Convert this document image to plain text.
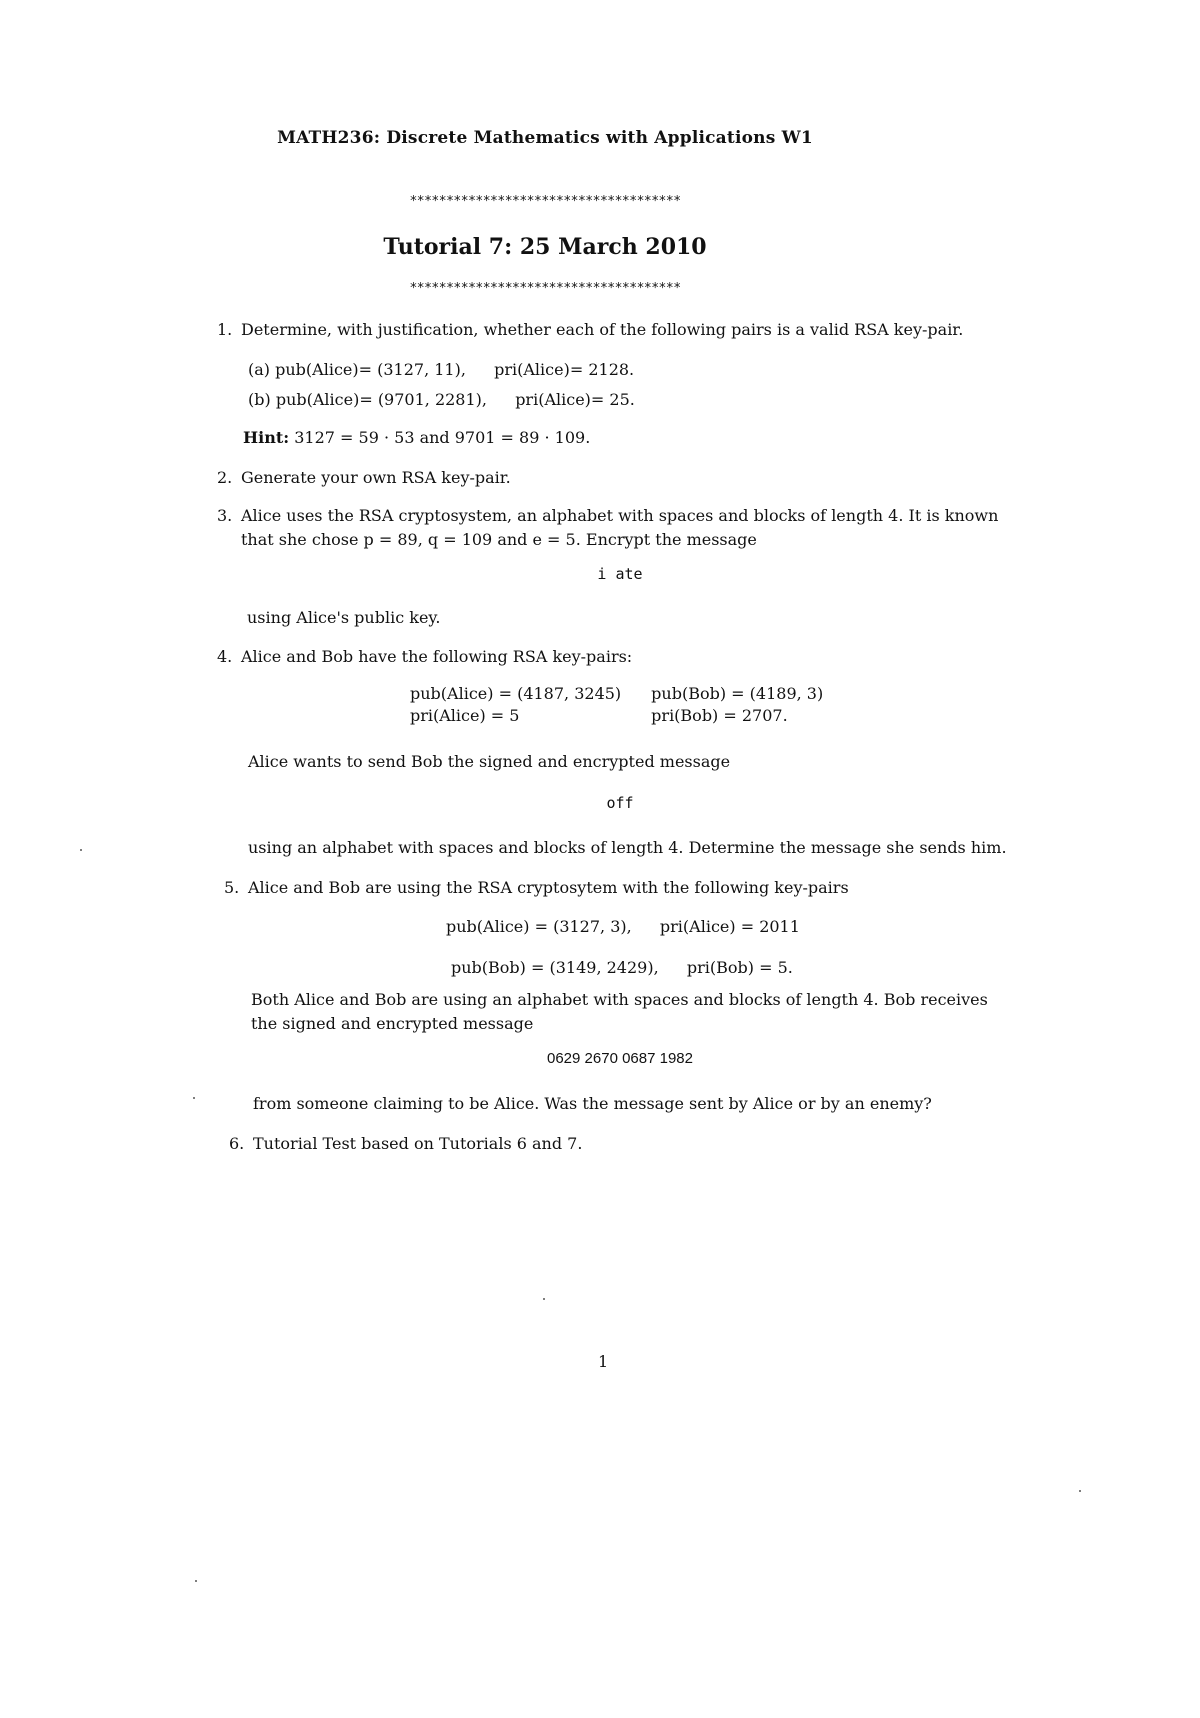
MATH236: Discrete Mathematics with Applications W1
*************************************
Tutorial 7: 25 March 2010
*************************************
1. Determine, with justification, whether each of the following pairs is a valid RSA key-pair.
(a) pub(Alice)= (3127, 11), pri(Alice)= 2128.
(b) pub(Alice)= (9701, 2281), pri(Alice)= 25.
Hint: 3127 = 59 · 53 and 9701 = 89 · 109.
2. Generate your own RSA key-pair.
3. Alice uses the RSA cryptosystem, an alphabet with spaces and blocks of length 4. It is known
that she chose p = 89, q = 109 and e = 5. Encrypt the message
i ate
using Alice's public key.
4. Alice and Bob have the following RSA key-pairs:
pub(Alice) = (4187, 3245)	pub(Bob) = (4189, 3)
pri(Alice) = 5	pri(Bob) = 2707.
Alice wants to send Bob the signed and encrypted message
off
using an alphabet with spaces and blocks of length 4. Determine the message she sends him.
5. Alice and Bob are using the RSA cryptosytem with the following key-pairs
pub(Alice) = (3127, 3), pri(Alice) = 2011
pub(Bob) = (3149, 2429), pri(Bob) = 5.
Both Alice and Bob are using an alphabet with spaces and blocks of length 4. Bob receives
the signed and encrypted message
0629 2670 0687 1982
from someone claiming to be Alice. Was the message sent by Alice or by an enemy?
6. Tutorial Test based on Tutorials 6 and 7.
1
